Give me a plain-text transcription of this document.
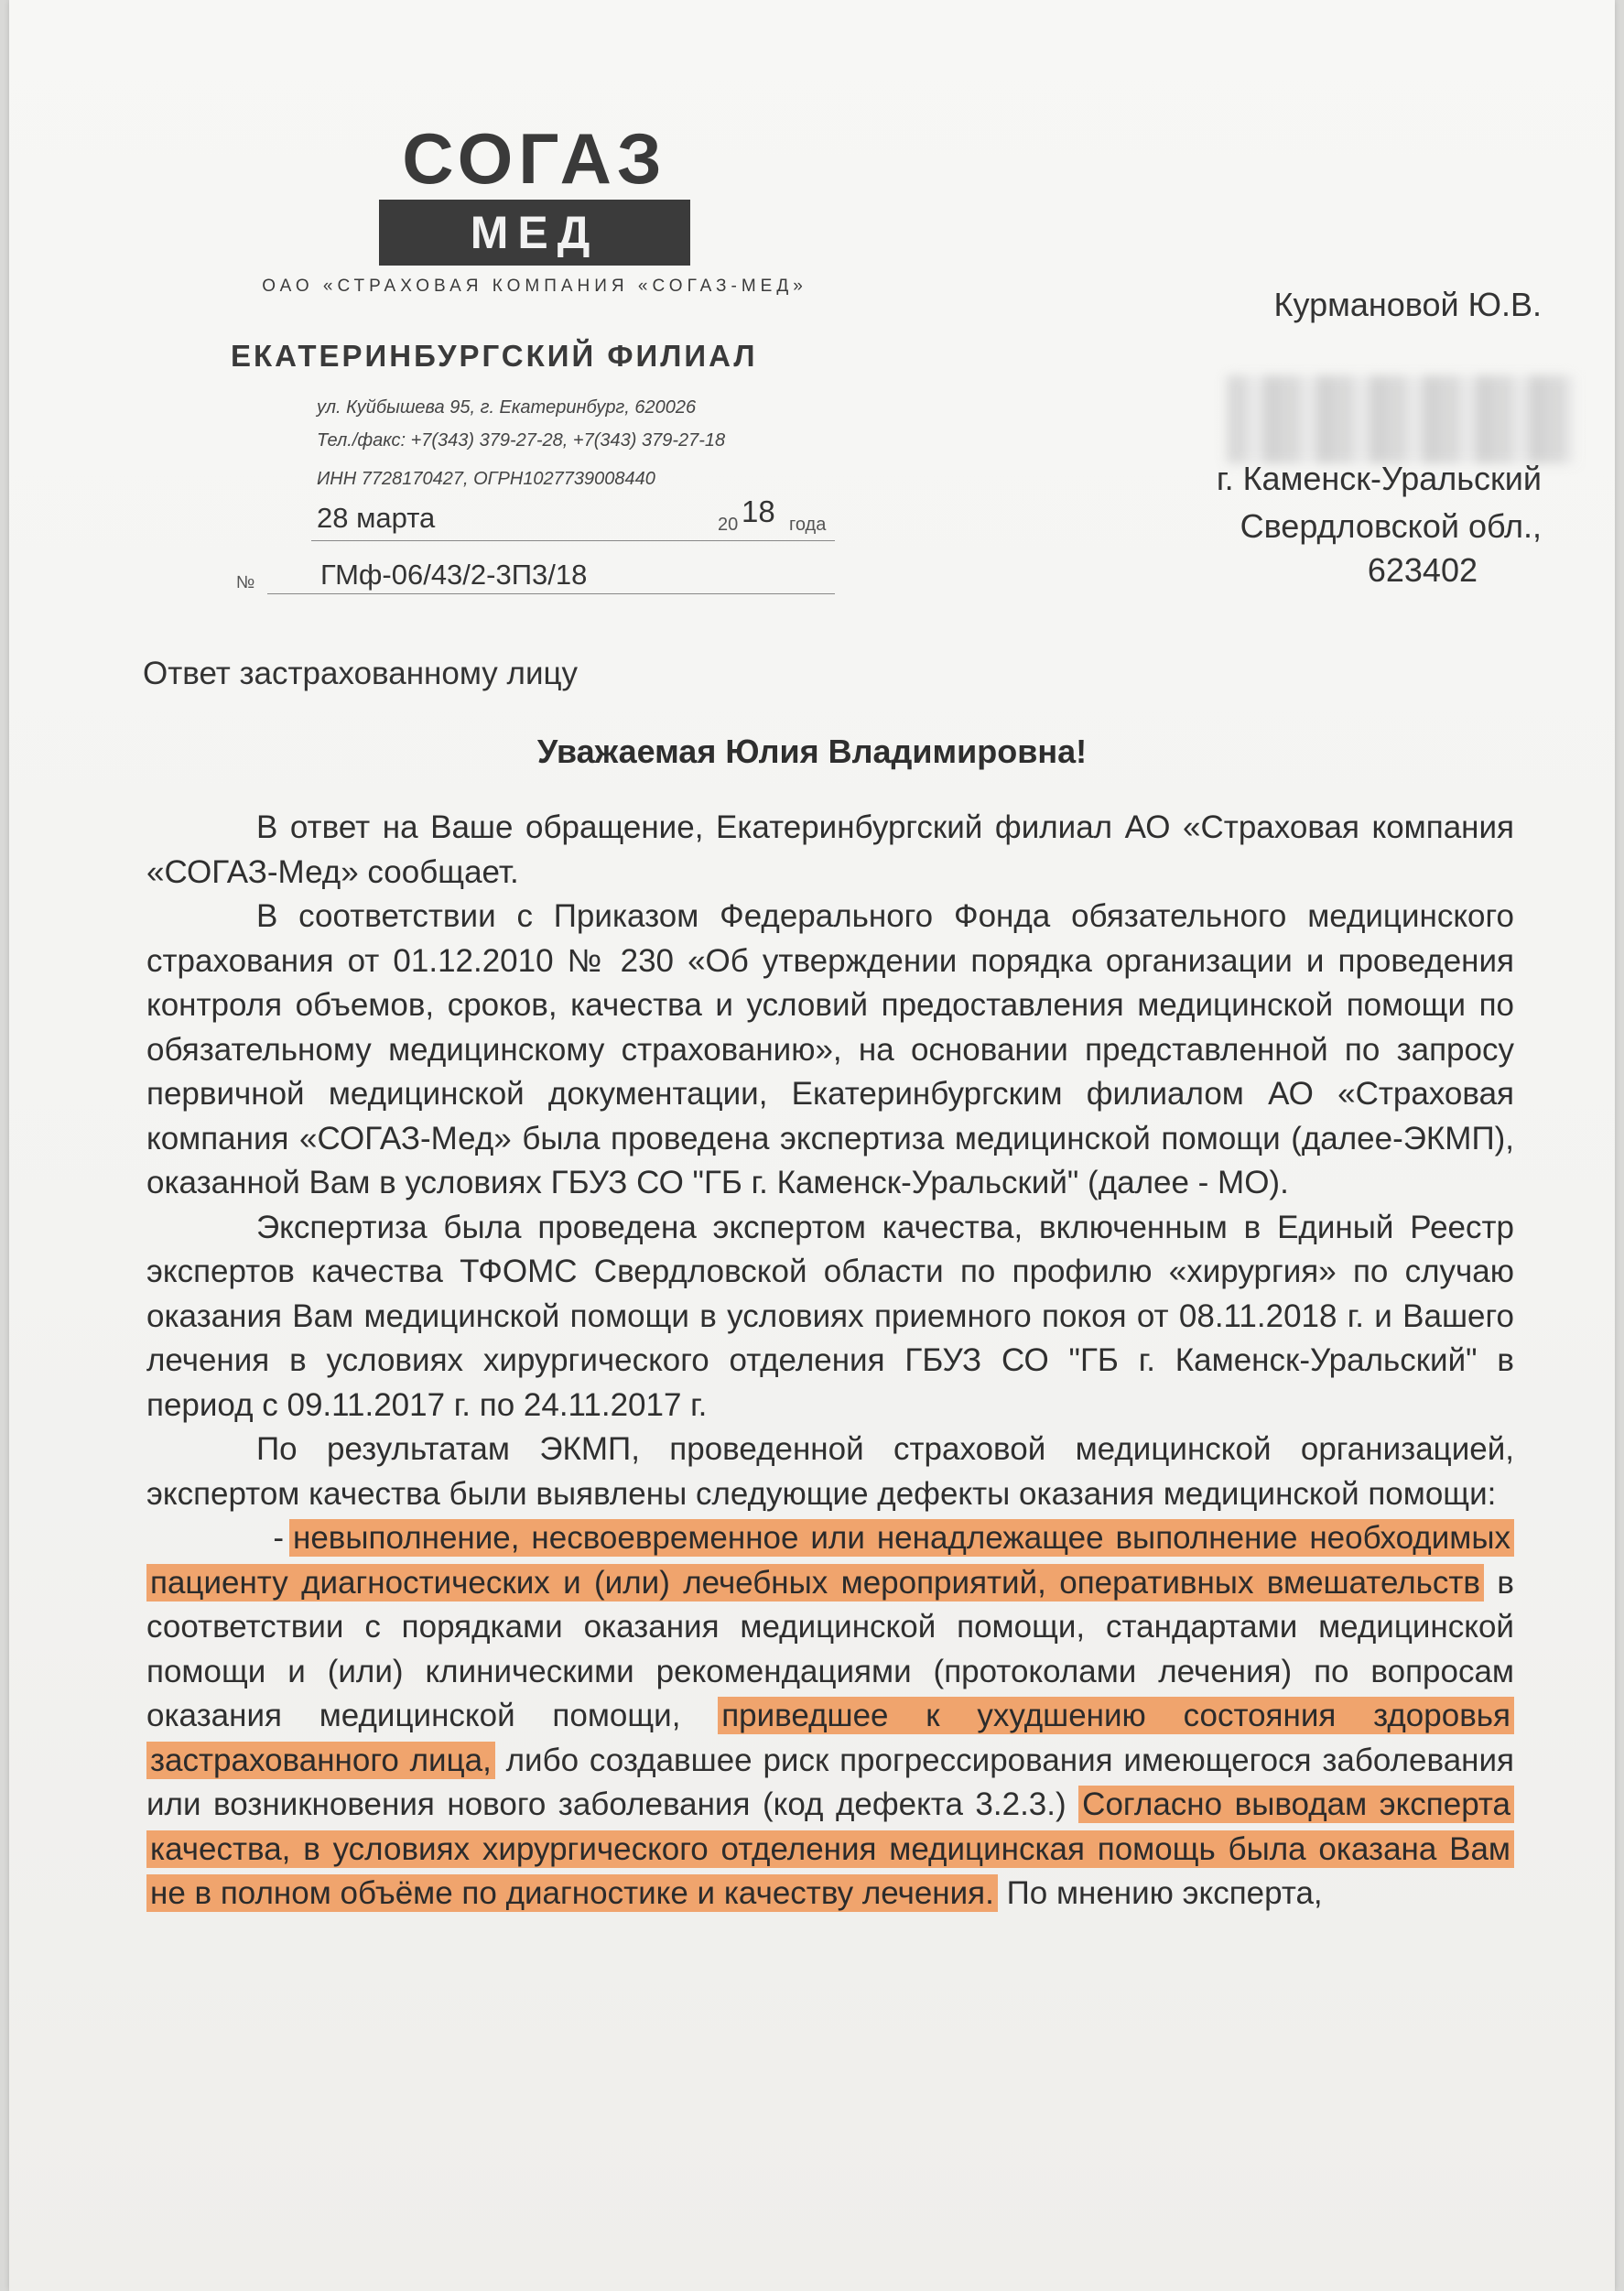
СОГАЗ
МЕД
ОАО «СТРАХОВАЯ КОМПАНИЯ «СОГАЗ-МЕД»
ЕКАТЕРИНБУРГСКИЙ ФИЛИАЛ
ул. Куйбышева 95, г. Екатеринбург, 620026
Тел./факс: +7(343) 379-27-28, +7(343) 379-27-18
ИНН 7728170427, ОГРН1027739008440
28 марта	20 18 года
№ ГМф-06/43/2-3П3/18
Курмановой Ю.В.
г. Каменск-Уральский
Свердловской обл.,
623402
Ответ застрахованному лицу
Уважаемая Юлия Владимировна!

В ответ на Ваше обращение, Екатеринбургский филиал АО «Страховая компания «СОГАЗ-Мед» сообщает.

В соответствии с Приказом Федерального Фонда обязательного медицинского страхования от 01.12.2010 № 230 «Об утверждении порядка организации и проведения контроля объемов, сроков, качества и условий предоставления медицинской помощи по обязательному медицинскому страхованию», на основании представленной по запросу первичной медицинской документации, Екатеринбургским филиалом АО «Страховая компания «СОГАЗ-Мед» была проведена экспертиза медицинской помощи (далее-ЭКМП), оказанной Вам в условиях ГБУЗ СО "ГБ г. Каменск-Уральский" (далее - МО).

Экспертиза была проведена экспертом качества, включенным в Единый Реестр экспертов качества ТФОМС Свердловской области по профилю «хирургия» по случаю оказания Вам медицинской помощи в условиях приемного покоя от 08.11.2018 г. и Вашего лечения в условиях хирургического отделения ГБУЗ СО "ГБ г. Каменск-Уральский" в период с 09.11.2017 г. по 24.11.2017 г.

По результатам ЭКМП, проведенной страховой медицинской организацией, экспертом качества были выявлены следующие дефекты оказания медицинской помощи:

- невыполнение, несвоевременное или ненадлежащее выполнение необходимых пациенту диагностических и (или) лечебных мероприятий, оперативных вмешательств в соответствии с порядками оказания медицинской помощи, стандартами медицинской помощи и (или) клиническими рекомендациями (протоколами лечения) по вопросам оказания медицинской помощи, приведшее к ухудшению состояния здоровья застрахованного лица, либо создавшее риск прогрессирования имеющегося заболевания или возникновения нового заболевания (код дефекта 3.2.3.) Согласно выводам эксперта качества, в условиях хирургического отделения медицинская помощь была оказана Вам не в полном объёме по диагностике и качеству лечения. По мнению эксперта,
